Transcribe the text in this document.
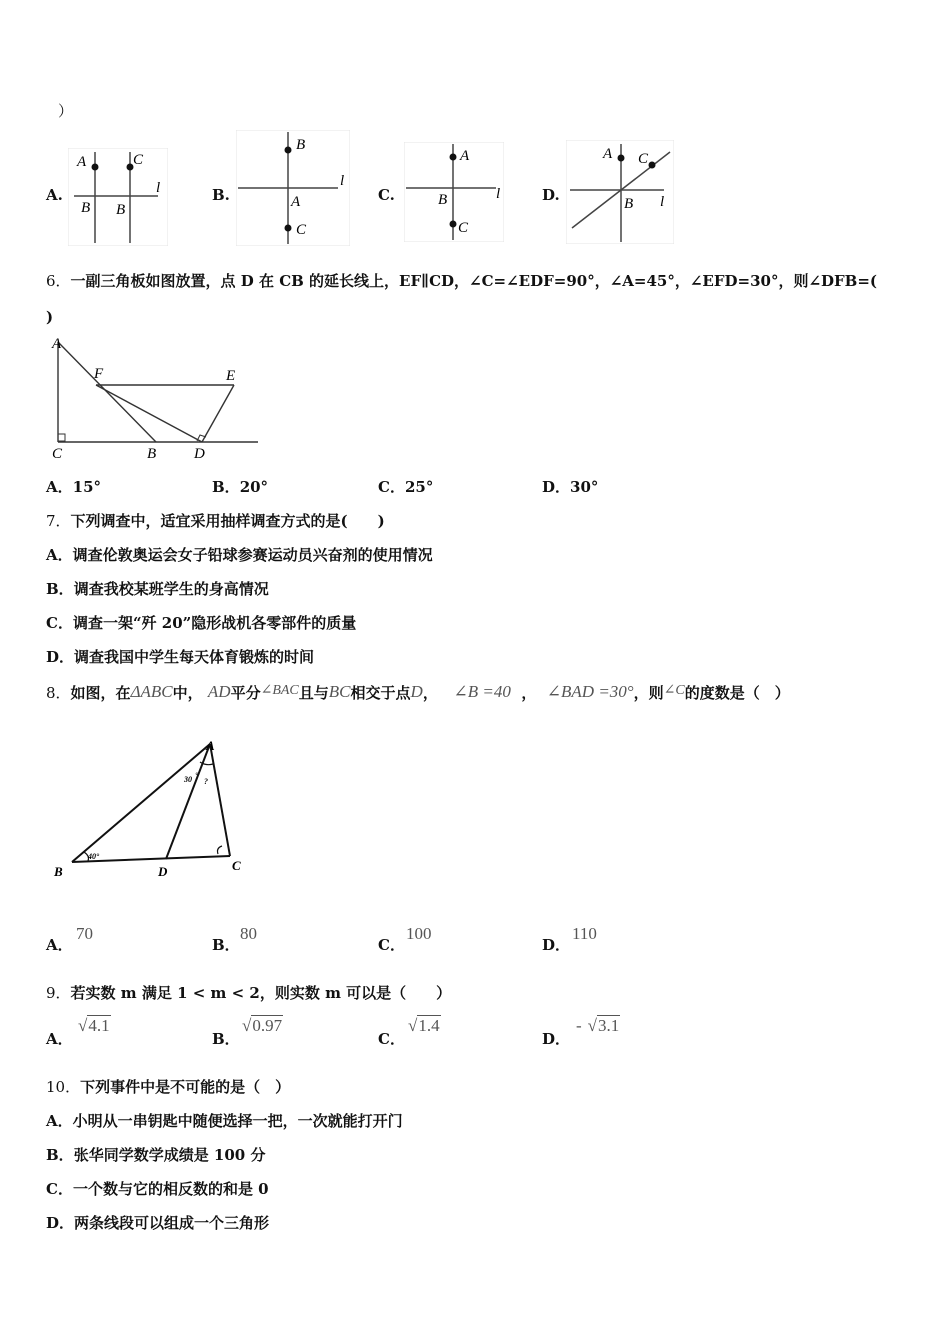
）
A.
A	C
B B
l	B.
B
A
C
l
C.
A
B
C
l	D.
A C
B l
6．一副三角板如图放置，点 D 在 CB 的延长线上，EF∥CD，∠C=∠EDF=90°，∠A=45°，∠EFD=30°，则∠DFB=(
)
A
F	E
C	B	D
A．15°	B．20°	C．25°	D．30°
7．下列调查中，适宜采用抽样调查方式的是(　　)
A．调查伦敦奥运会女子铅球参赛运动员兴奋剂的使用情况
B．调查我校某班学生的身高情况
C．调查一架“歼 20”隐形战机各零部件的质量
D．调查我国中学生每天体育锻炼的时间
8．如图，在ΔABC中， AD平分∠BAC且与BC相交于点D， ∠B =40 ， ∠BAD =30°，则∠C的度数是（　）
A
B	D	C
40°
30 °
?
A．
70
B．
80
C．
100
D．
110
9．若实数 m 满足 1 < m < 2，则实数 m 可以是（　　）
A．
√4.1
B．
√0.97
C．
√1.4
D．
- √3.1
10．下列事件中是不可能的是（　）
A．小明从一串钥匙中随便选择一把，一次就能打开门
B．张华同学数学成绩是 100 分
C．一个数与它的相反数的和是 0
D．两条线段可以组成一个三角形
